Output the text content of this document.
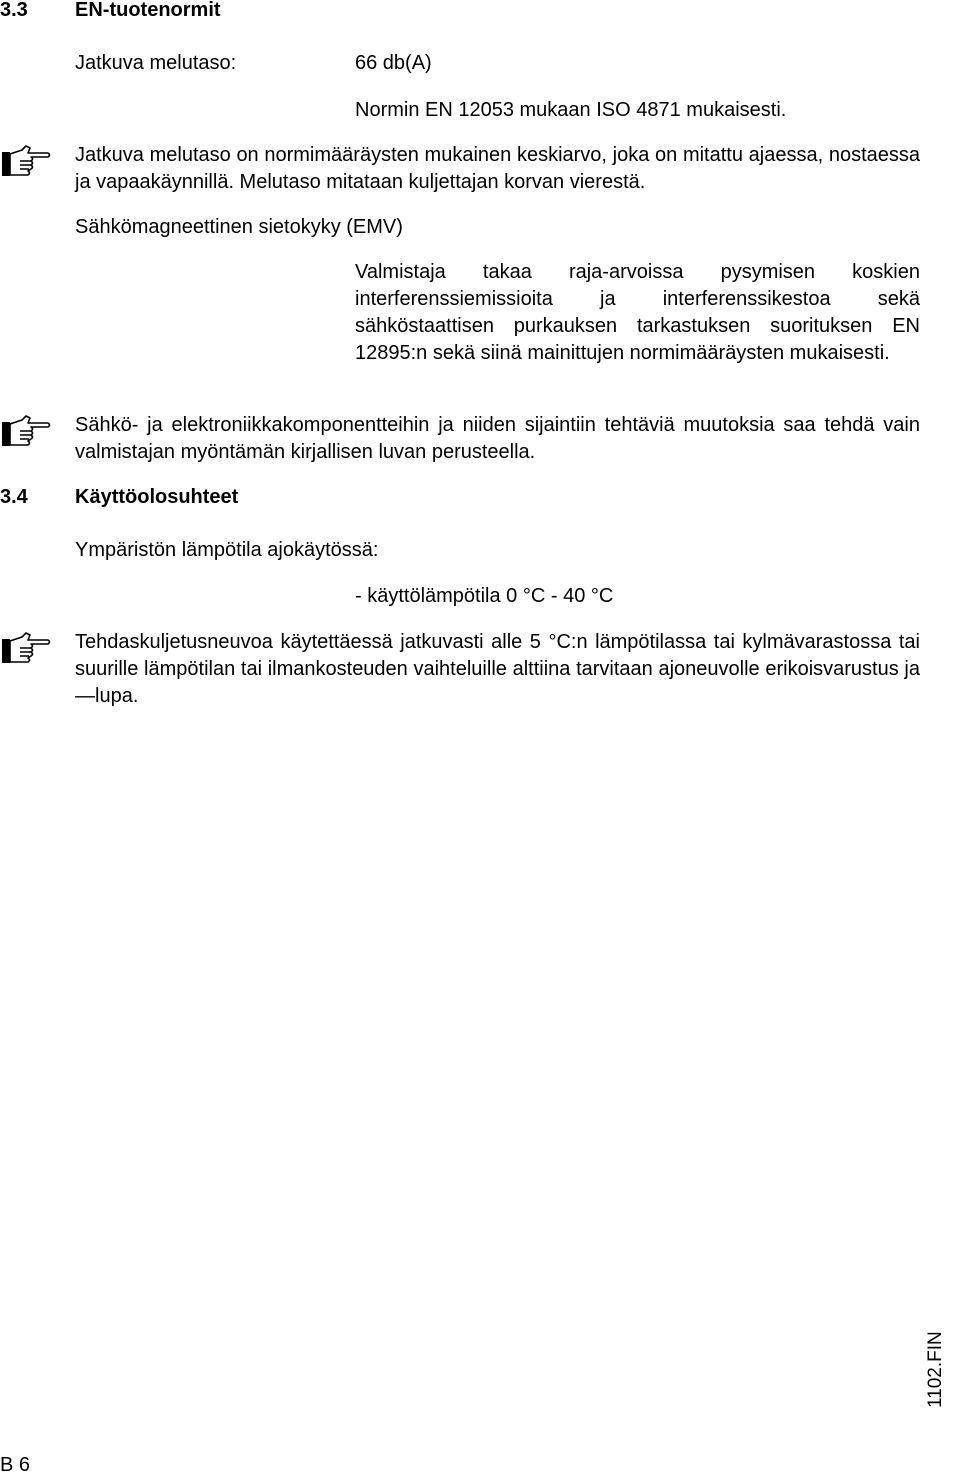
3.3 EN-tuotenormit
Jatkuva melutaso:	66 db(A)
Normin EN 12053 mukaan ISO 4871 mukaisesti.
Jatkuva melutaso on normimääräysten mukainen keskiarvo, joka on mitattu ajaessa, nostaessa ja vapaakäynnillä. Melutaso mitataan kuljettajan korvan vierestä.
Sähkömagneettinen sietokyky (EMV)
Valmistaja takaa raja-arvoissa pysymisen koskien interferenssiemissioita ja interferenssikestoa sekä sähköstaattisen purkauksen tarkastuksen suorituksen EN 12895:n sekä siinä mainittujen normimääräysten mukaisesti.
Sähkö- ja elektroniikkakomponentteihin ja niiden sijaintiin tehtäviä muutoksia saa tehdä vain valmistajan myöntämän kirjallisen luvan perusteella.
3.4 Käyttöolosuhteet
Ympäristön lämpötila ajokäytössä:
- käyttölämpötila 0 °C - 40 °C
Tehdaskuljetusneuvoa käytettäessä jatkuvasti alle 5 °C:n lämpötilassa tai kylmävarastossa tai suurille lämpötilan tai ilmankosteuden vaihteluille alttiina tarvitaan ajoneuvolle erikoisvarustus ja —lupa.
1102.FIN
B 6
